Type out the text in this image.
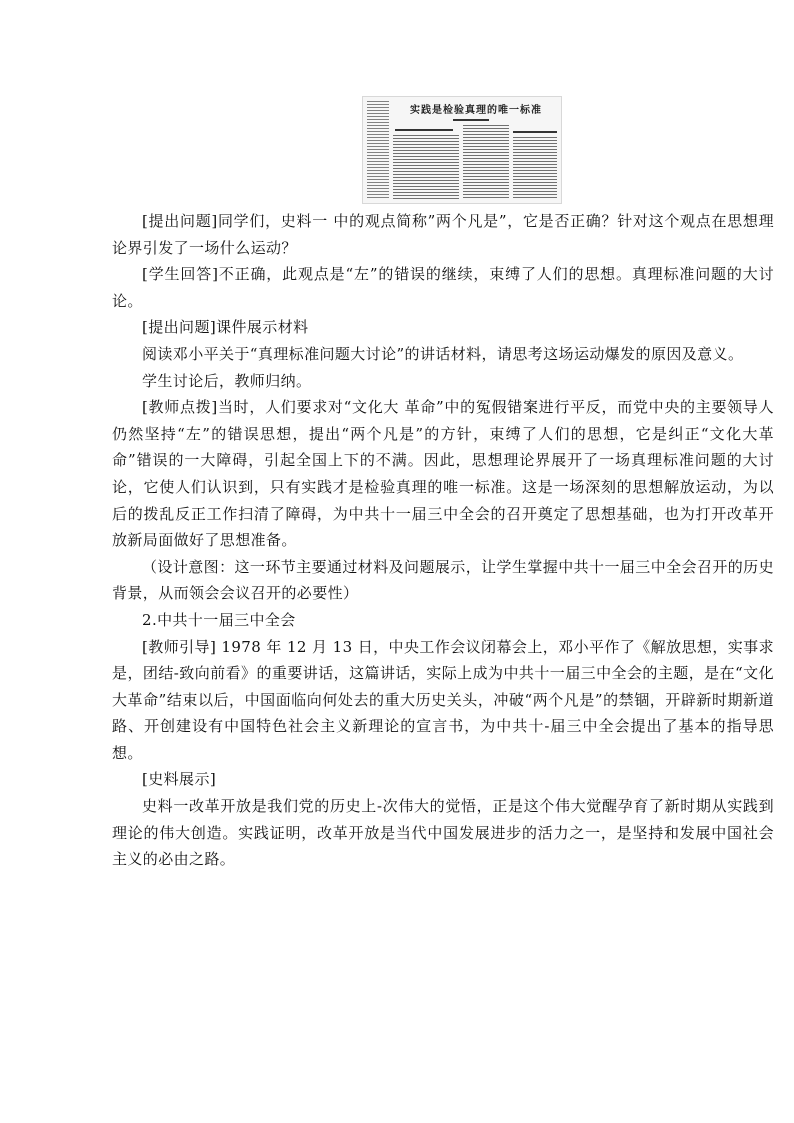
实践是检验真理的唯一标准

[提出问题]同学们，史料一 中的观点简称”两个凡是”，它是否正确？针对这个观点在思想理论界引发了一场什么运动？

[学生回答]不正确，此观点是“左”的错误的继续，束缚了人们的思想。真理标准问题的大讨论。

[提出问题]课件展示材料

阅读邓小平关于“真理标准问题大讨论”的讲话材料，请思考这场运动爆发的原因及意义。

学生讨论后，教师归纳。

[教师点拨]当时，人们要求对“文化大 革命”中的冤假错案进行平反，而党中央的主要领导人仍然坚持“左”的错误思想，提出“两个凡是”的方针，束缚了人们的思想，它是纠正“文化大革命”错误的一大障碍，引起全国上下的不满。因此，思想理论界展开了一场真理标准问题的大讨论，它使人们认识到，只有实践才是检验真理的唯一标准。这是一场深刻的思想解放运动，为以后的拨乱反正工作扫清了障碍，为中共十一届三中全会的召开奠定了思想基础，也为打开改革开放新局面做好了思想准备。

（设计意图：这一环节主要通过材料及问题展示，让学生掌握中共十一届三中全会召开的历史背景，从而领会会议召开的必要性）

2.中共十一届三中全会

[教师引导] 1978 年 12 月 13 日，中央工作会议闭幕会上，邓小平作了《解放思想，实事求是，团结-致向前看》的重要讲话，这篇讲话，实际上成为中共十一届三中全会的主题，是在“文化大革命”结束以后，中国面临向何处去的重大历史关头，冲破“两个凡是”的禁锢，开辟新时期新道路、开创建设有中国特色社会主义新理论的宣言书，为中共十-届三中全会提出了基本的指导思想。

[史料展示]

史料一改革开放是我们党的历史上-次伟大的觉悟，正是这个伟大觉醒孕育了新时期从实践到理论的伟大创造。实践证明，改革开放是当代中国发展进步的活力之一，是坚持和发展中国社会主义的必由之路。
